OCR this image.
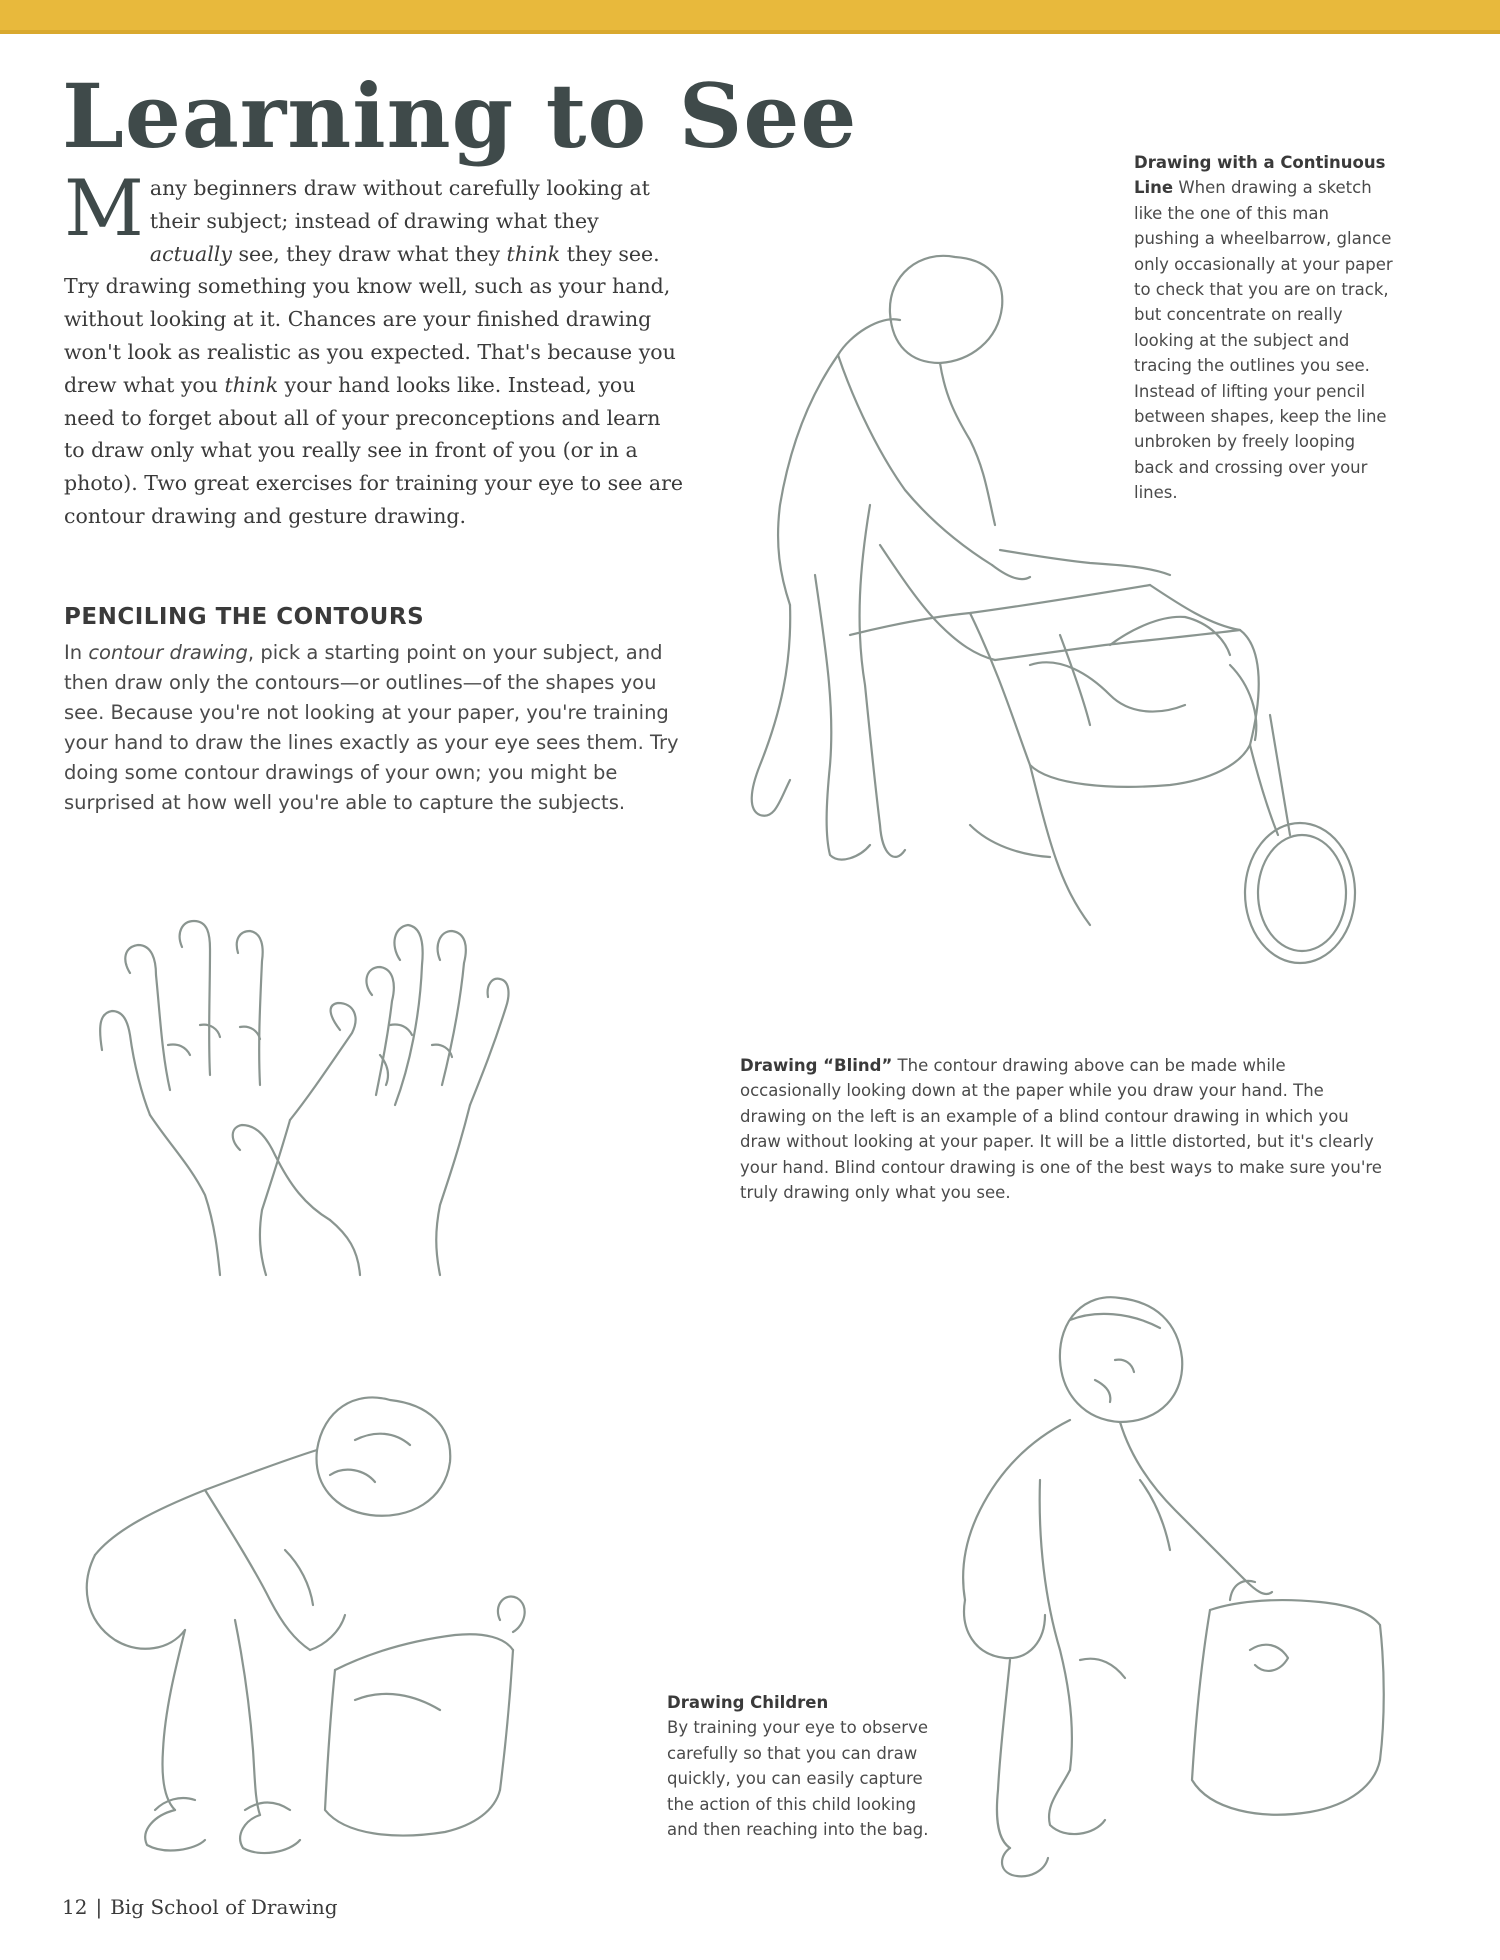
Learning to See

Many beginners draw without carefully looking at their subject; instead of drawing what they actually see, they draw what they think they see. Try drawing something you know well, such as your hand, without looking at it. Chances are your finished drawing won't look as realistic as you expected. That's because you drew what you think your hand looks like. Instead, you need to forget about all of your preconceptions and learn to draw only what you really see in front of you (or in a photo). Two great exercises for training your eye to see are contour drawing and gesture drawing.

PENCILING THE CONTOURS

In contour drawing, pick a starting point on your subject, and then draw only the contours—or outlines—of the shapes you see. Because you're not looking at your paper, you're training your hand to draw the lines exactly as your eye sees them. Try doing some contour drawings of your own; you might be surprised at how well you're able to capture the subjects.

Drawing with a Continuous Line When drawing a sketch like the one of this man pushing a wheelbarrow, glance only occasionally at your paper to check that you are on track, but concentrate on really looking at the subject and tracing the outlines you see. Instead of lifting your pencil between shapes, keep the line unbroken by freely looping back and crossing over your lines.

Drawing “Blind” The contour drawing above can be made while occasionally looking down at the paper while you draw your hand. The drawing on the left is an example of a blind contour drawing in which you draw without looking at your paper. It will be a little distorted, but it's clearly your hand. Blind contour drawing is one of the best ways to make sure you're truly drawing only what you see.

Drawing Children
By training your eye to observe carefully so that you can draw quickly, you can easily capture the action of this child looking and then reaching into the bag.

12 | Big School of Drawing
